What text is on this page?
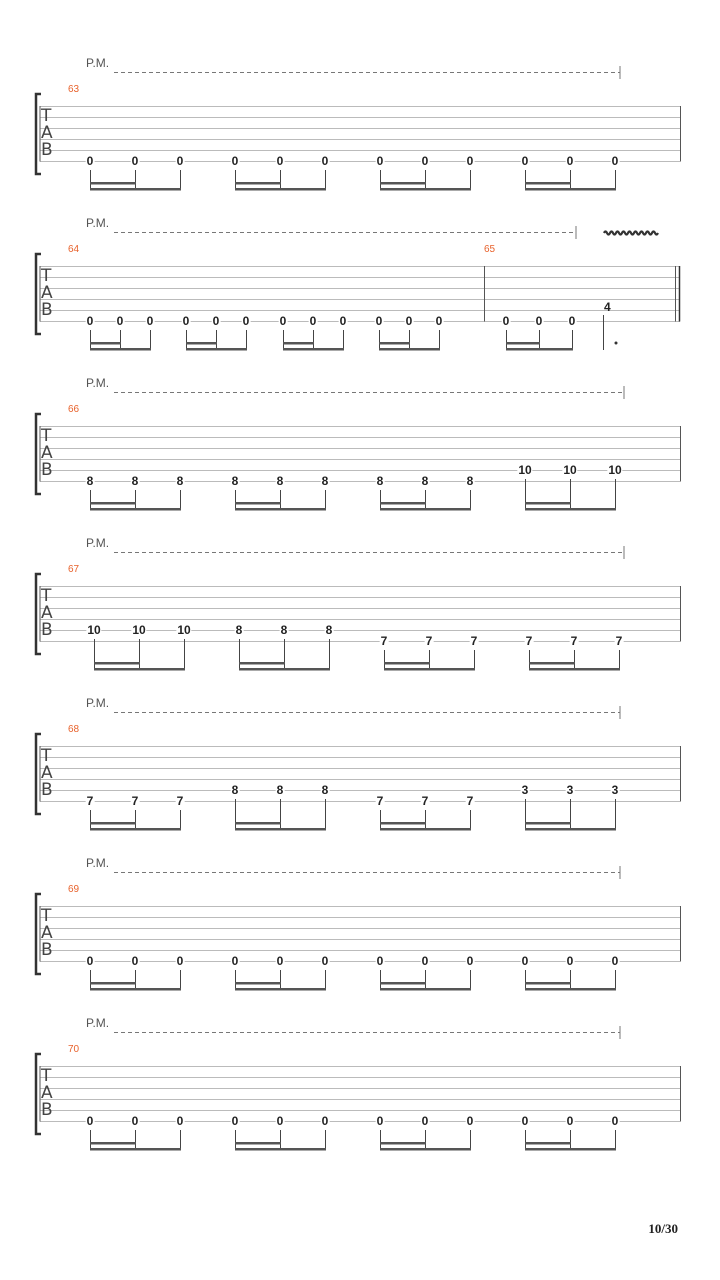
P.M.
T
A
B
63
0	0	0	0	0	0	0	0	0	0	0	0
P.M.
T
A
B
64
0 0 0 0 0 0	0 0 0 0 0 0
65
0 0 0
4
P.M.
T
A
B
66
8	8	8	8	8	8	8	8	8
10	10	10
P.M.
T
A
B
67
10	10	10	8	8	8
7	7	7	7	7	7
P.M.
T
A
B
68
7	7	7
8	8	8
7	7	7
3	3	3
P.M.
T
A
B
69
0	0	0	0	0	0	0	0	0	0	0	0
P.M.
T
A
B
70
0	0	0	0	0	0	0	0	0	0	0	0
10/30
